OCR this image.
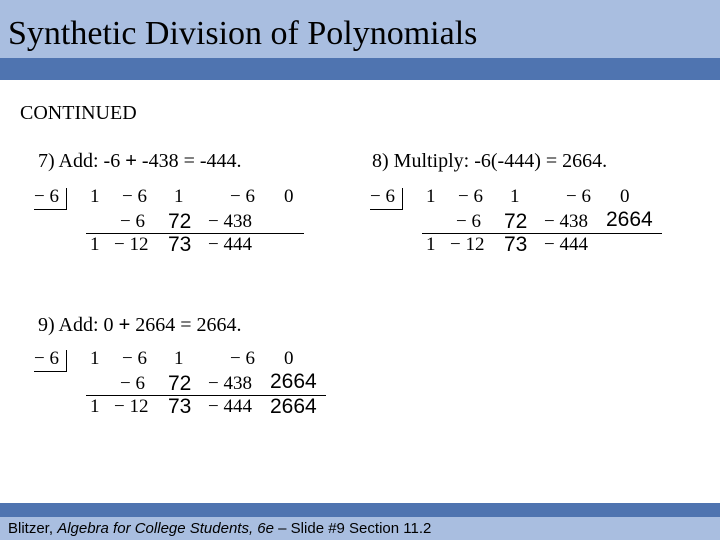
Synthetic Division of Polynomials
CONTINUED
7) Add: -6 + -438 = -444.
− 6 1 − 6 1 − 6 0
− 6 72 − 438
1 − 12 73 − 444
8) Multiply: -6(-444) = 2664.
− 6 1 − 6 1 − 6 0
− 6 72 − 438 2664
1 − 12 73 − 444
9) Add: 0 + 2664 = 2664.
− 6 1 − 6 1 − 6 0
− 6 72 − 438 2664
1 − 12 73 − 444 2664
Blitzer, Algebra for College Students, 6e – Slide #9 Section 11.2
